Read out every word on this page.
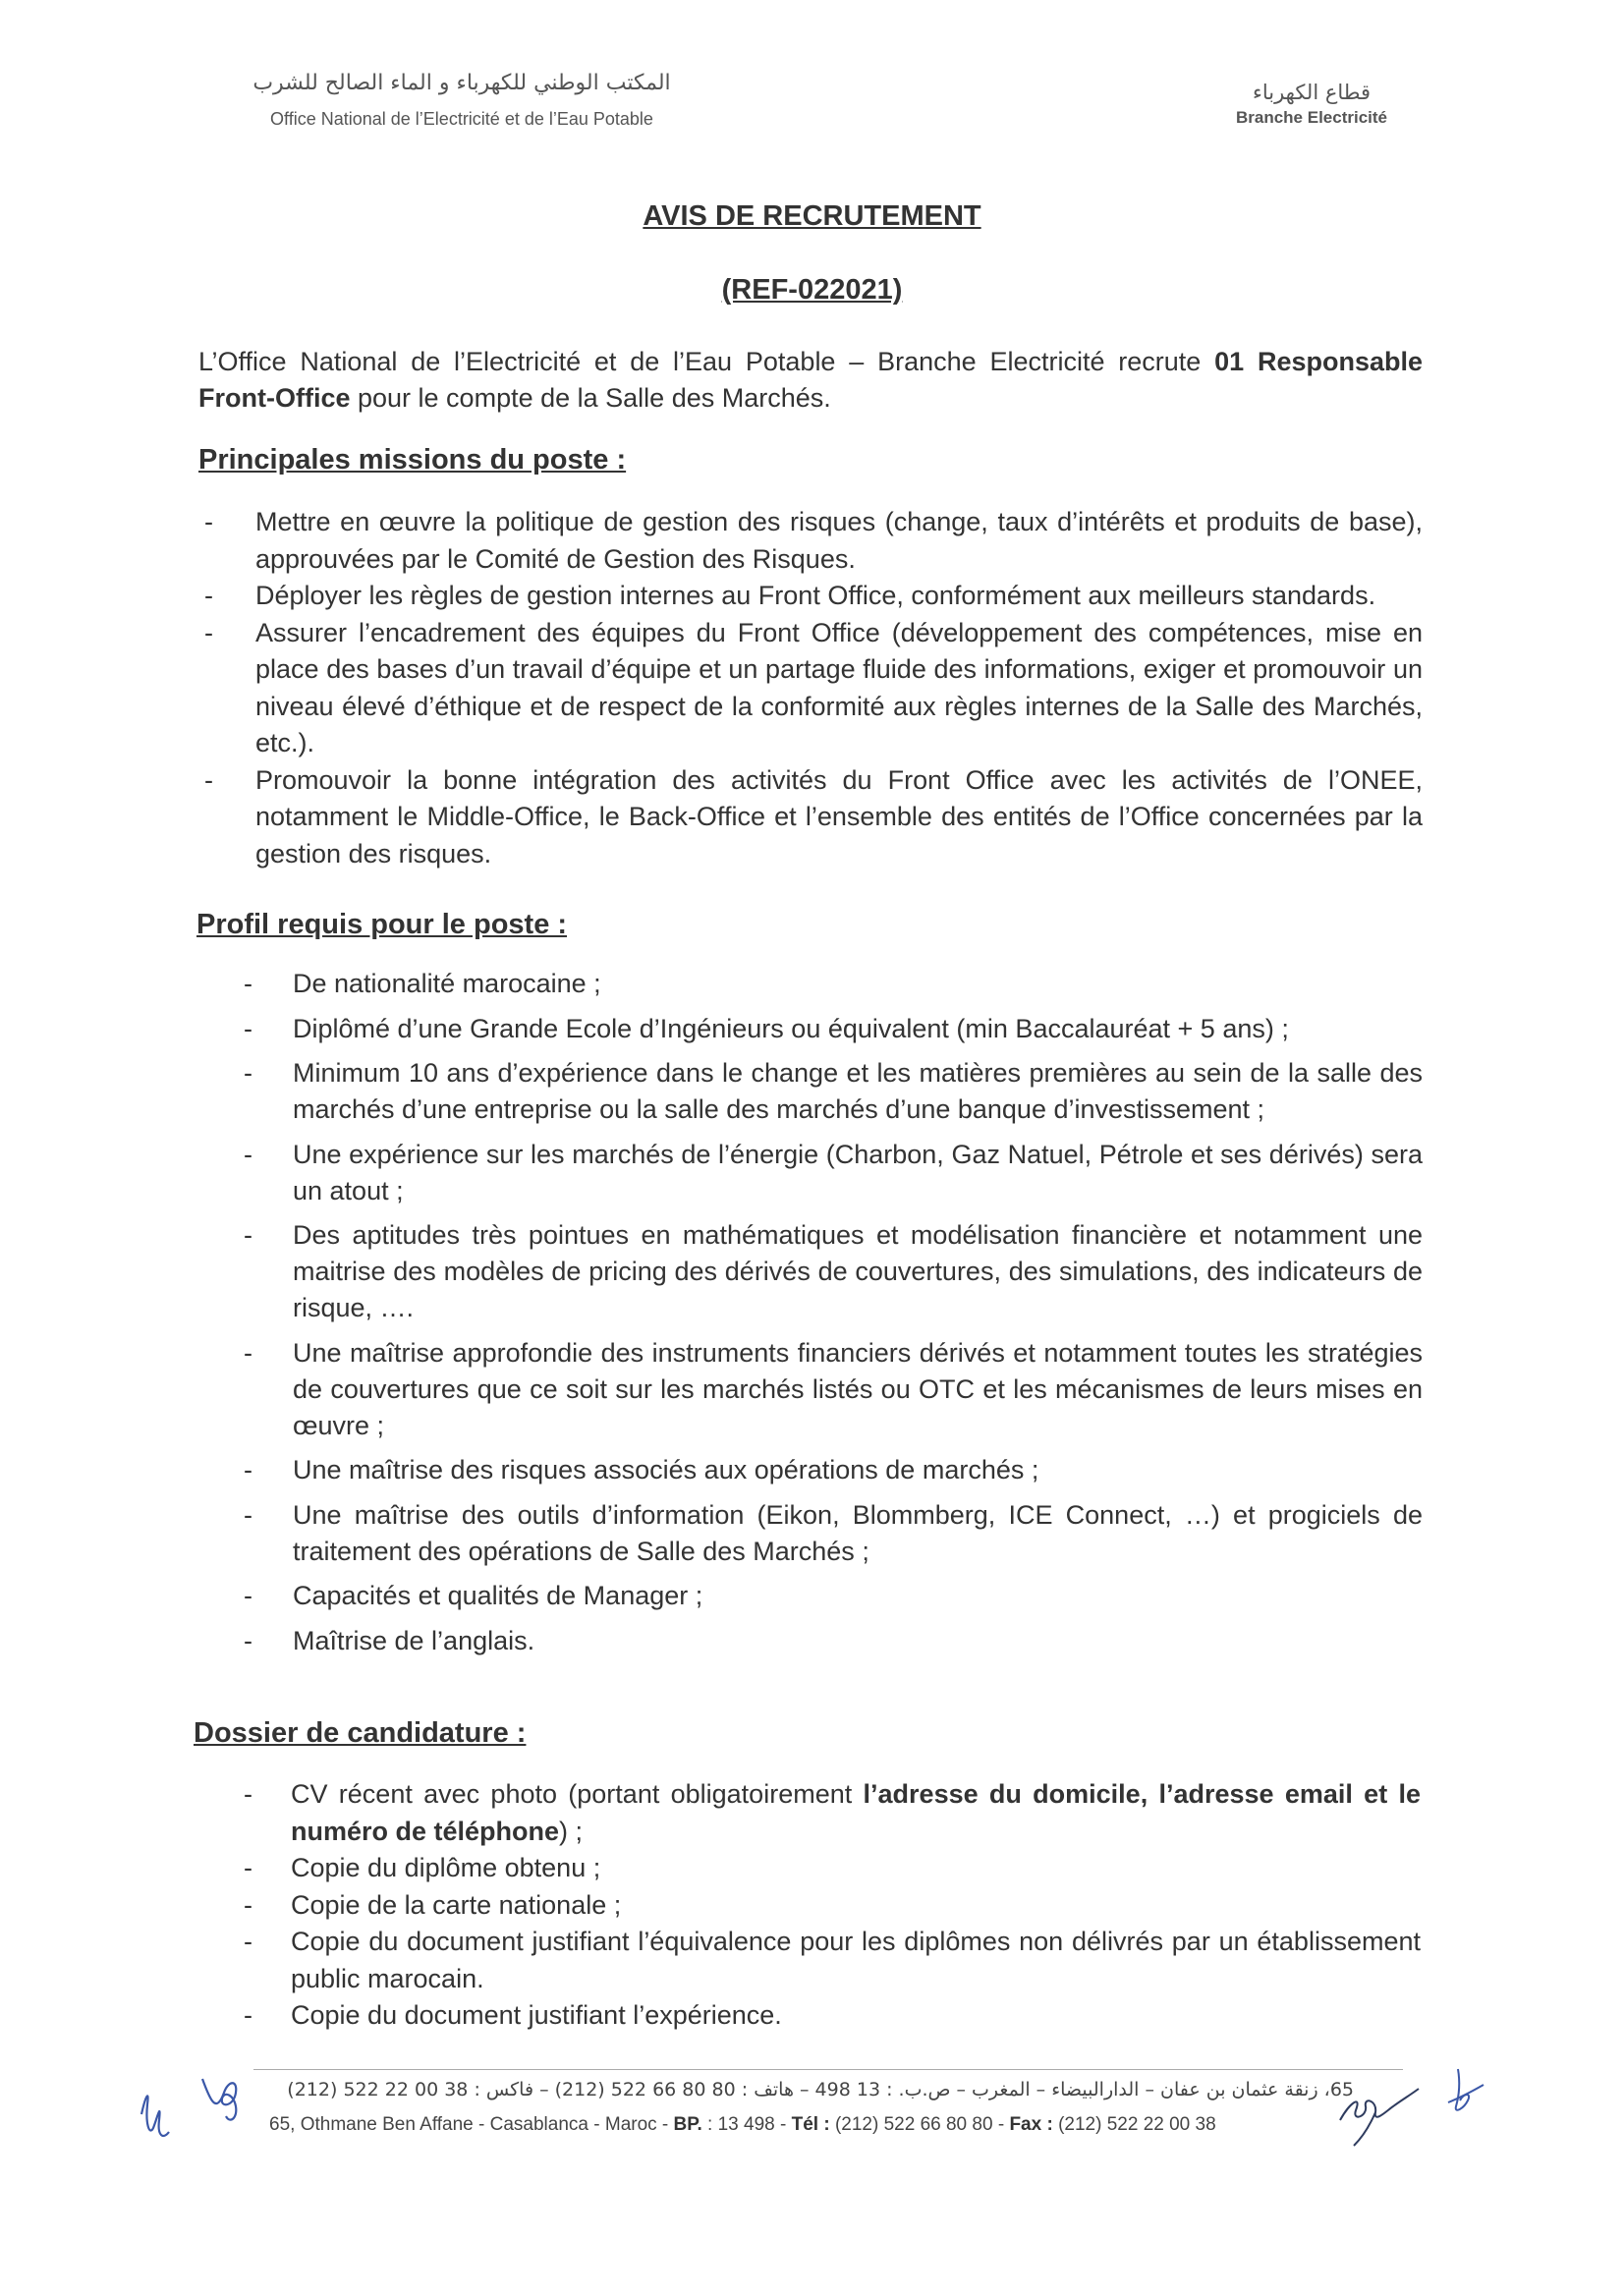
المكتب الوطني للكهرباء و الماء الصالح للشرب
Office National de l’Electricité et de l’Eau Potable
قطاع الكهرباء
Branche Electricité
AVIS DE RECRUTEMENT
(REF-022021)
L’Office National de l’Electricité et de l’Eau Potable – Branche Electricité recrute 01 Responsable Front-Office pour le compte de la Salle des Marchés.
Principales missions du poste :
- Mettre en œuvre la politique de gestion des risques (change, taux d’intérêts et produits de base), approuvées par le Comité de Gestion des Risques.
- Déployer les règles de gestion internes au Front Office, conformément aux meilleurs standards.
- Assurer l’encadrement des équipes du Front Office (développement des compétences, mise en place des bases d’un travail d’équipe et un partage fluide des informations, exiger et promouvoir un niveau élevé d’éthique et de respect de la conformité aux règles internes de la Salle des Marchés, etc.).
- Promouvoir la bonne intégration des activités du Front Office avec les activités de l’ONEE, notamment le Middle-Office, le Back-Office et l’ensemble des entités de l’Office concernées par la gestion des risques.
Profil requis pour le poste :
- De nationalité marocaine ;
- Diplômé d’une Grande Ecole d’Ingénieurs ou équivalent (min Baccalauréat + 5 ans) ;
- Minimum 10 ans d’expérience dans le change et les matières premières au sein de la salle des marchés d’une entreprise ou la salle des marchés d’une banque d’investissement ;
- Une expérience sur les marchés de l’énergie (Charbon, Gaz Natuel, Pétrole et ses dérivés) sera un atout ;
- Des aptitudes très pointues en mathématiques et modélisation financière et notamment une maitrise des modèles de pricing des dérivés de couvertures, des simulations, des indicateurs de risque, ….
- Une maîtrise approfondie des instruments financiers dérivés et notamment toutes les stratégies de couvertures que ce soit sur les marchés listés ou OTC et les mécanismes de leurs mises en œuvre ;
- Une maîtrise des risques associés aux opérations de marchés ;
- Une maîtrise des outils d’information (Eikon, Blommberg, ICE Connect, …) et progiciels de traitement des opérations de Salle des Marchés ;
- Capacités et qualités de Manager ;
- Maîtrise de l’anglais.
Dossier de candidature :
- CV récent avec photo (portant obligatoirement l’adresse du domicile, l’adresse email et le numéro de téléphone) ;
- Copie du diplôme obtenu ;
- Copie de la carte nationale ;
- Copie du document justifiant l’équivalence pour les diplômes non délivrés par un établissement public marocain.
- Copie du document justifiant l’expérience.
65، زنقة عثمان بن عفان – الدارالبيضاء – المغرب – ص.ب. : 13 498 – هاتف : 80 80 66 522 (212) – فاكس : 38 00 22 522 (212)
65, Othmane Ben Affane - Casablanca - Maroc - BP. : 13 498 - Tél : (212) 522 66 80 80 - Fax : (212) 522 22 00 38
